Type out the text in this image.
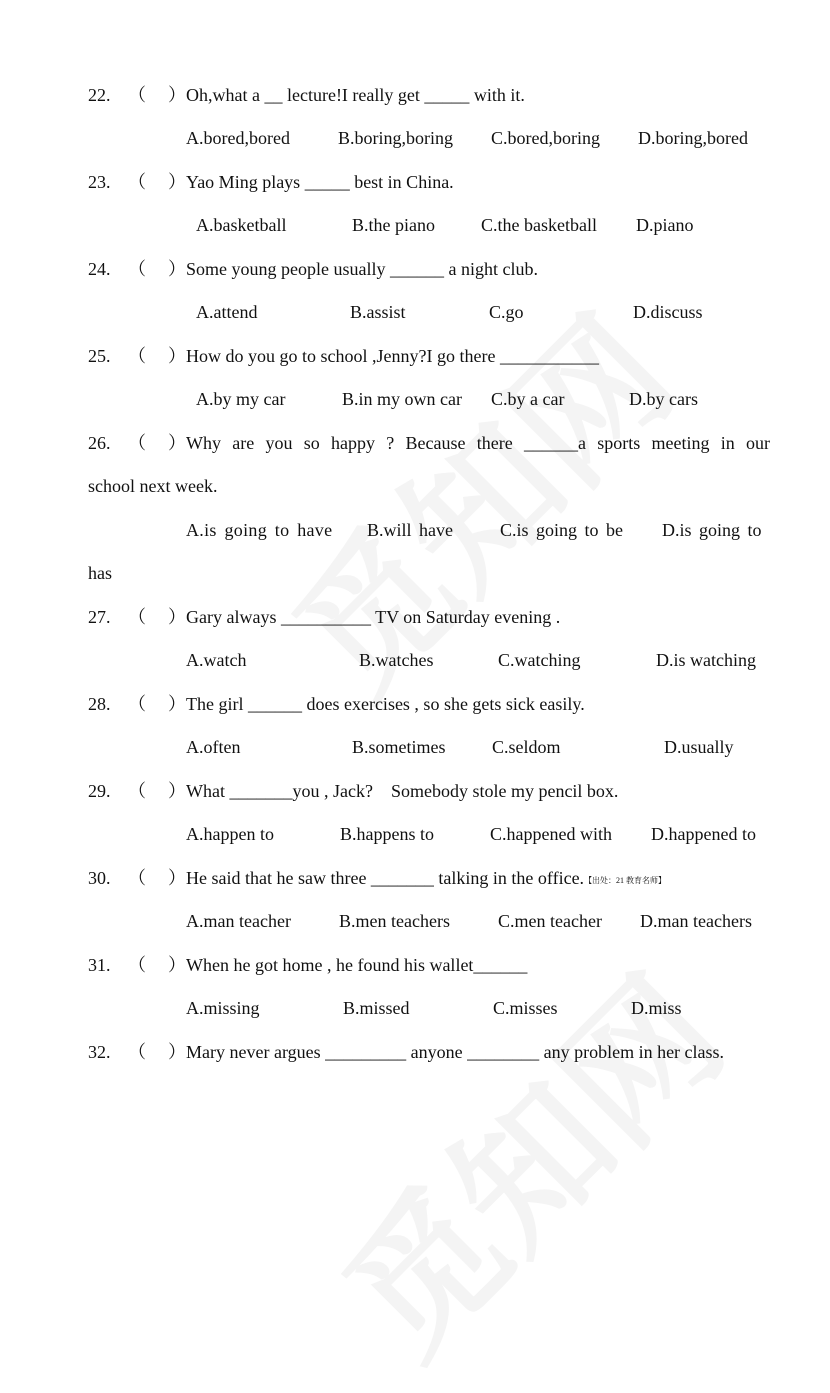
22. （ ） Oh,what a __ lecture!I really get _____ with it.
A.bored,bored	B.boring,boring C.bored,boring D.boring,bored
23. （ ） Yao Ming plays _____ best in China.
A.basketball	B.the piano	C.the basketball D.piano
24. （ ） Some young people usually ______ a night club.
A.attend	B.assist	C.go	D.discuss
25. （ ） How do you go to school ,Jenny?I go there ___________
A.by my car	B.in my own car C.by a car	D.by cars
26. （ ） Why are you so happy ? Because there ______a sports meeting in our
school next week.
A.is going to have B.will have	C.is going to be D.is going to
has
27. （ ） Gary always __________ TV on Saturday evening .
A.watch	B.watches	C.watching	D.is watching
28. （ ） The girl ______ does exercises , so she gets sick easily.
A.often	B.sometimes	C.seldom	D.usually
29. （ ） What _______you , Jack?    Somebody stole my pencil box.
A.happen to	B.happens to	C.happened with D.happened to
30. （ ） He said that he saw three _______ talking in the office.【出处：21 教育名师】
A.man teacher	B.men teachers	C.men teacher D.man teachers
31. （ ） When he got home , he found his wallet______
A.missing	B.missed	C.misses	D.miss
32. （ ） Mary never argues _________ anyone ________ any problem in her class.
